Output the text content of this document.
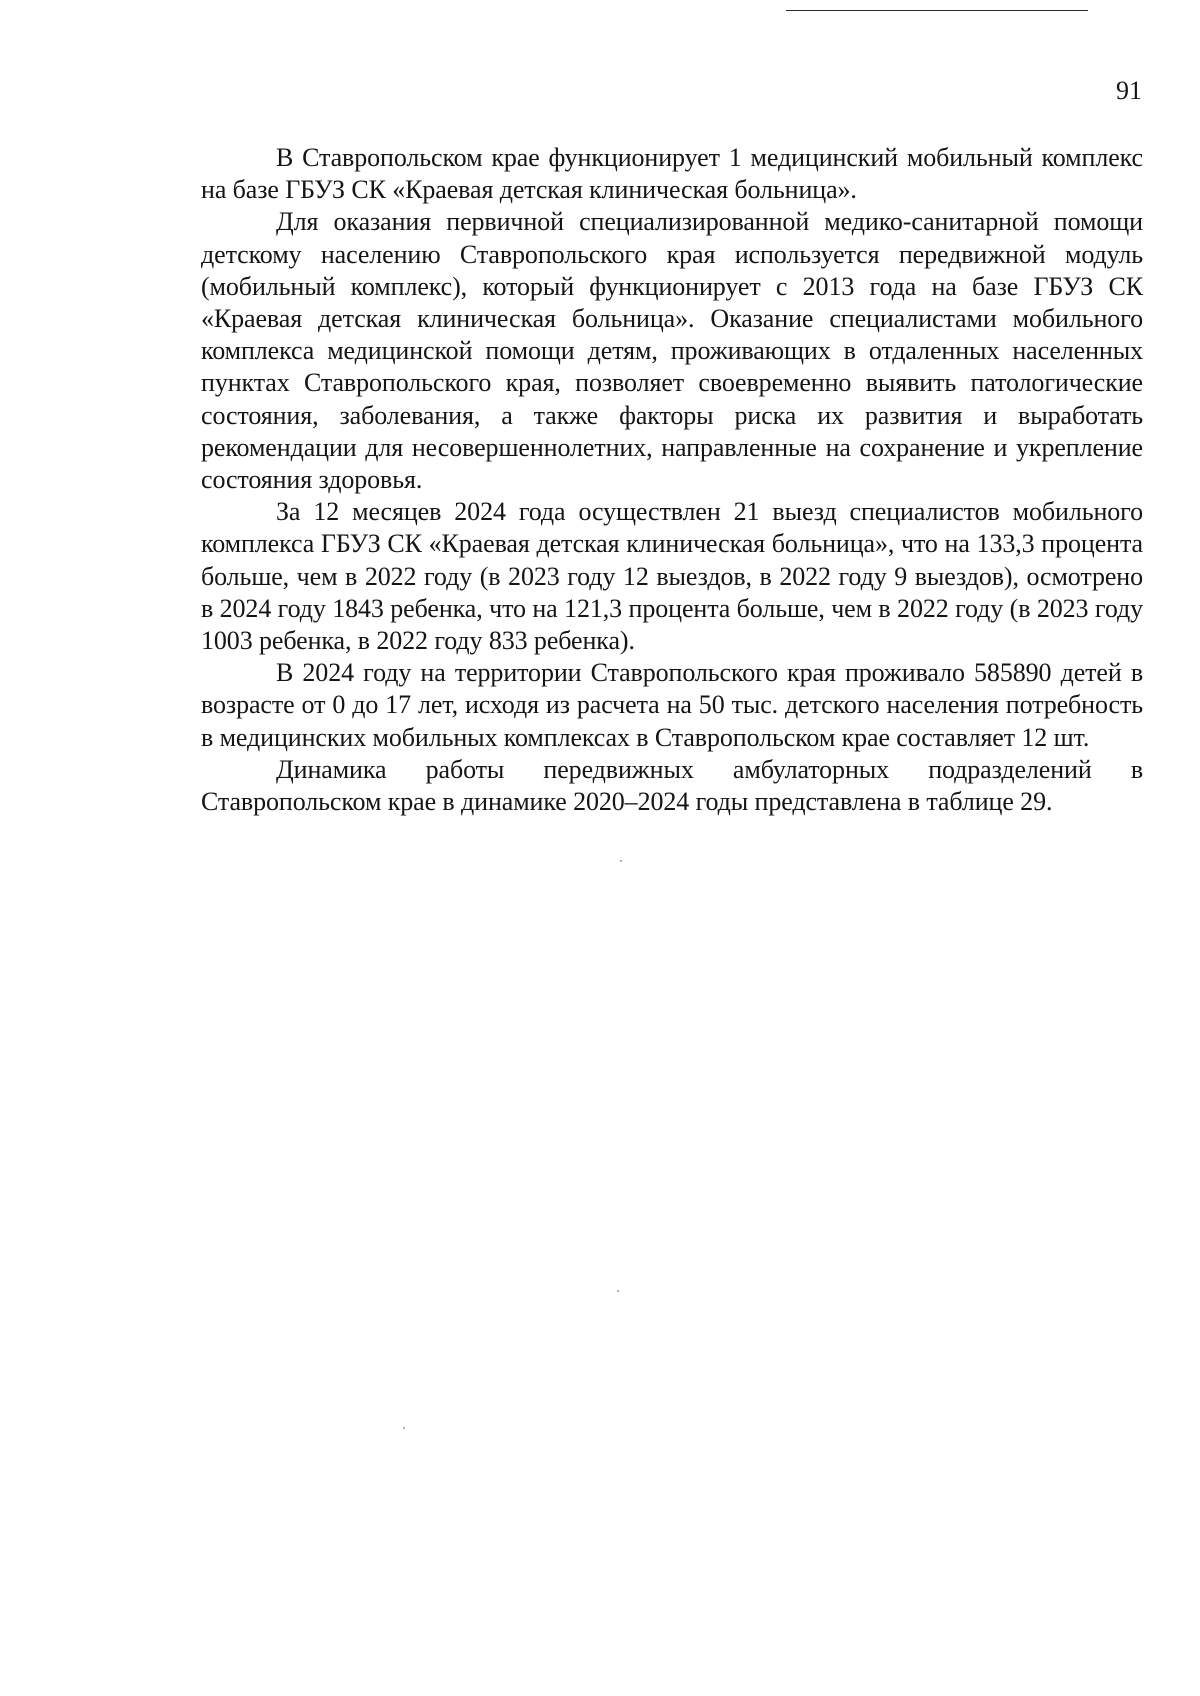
91

В Ставропольском крае функционирует 1 медицинский мобильный комплекс на базе ГБУЗ СК «Краевая детская клиническая больница».

Для оказания первичной специализированной медико-санитарной помощи детскому населению Ставропольского края используется передвижной модуль (мобильный комплекс), который функционирует с 2013 года на базе ГБУЗ СК «Краевая детская клиническая больница». Оказание специалистами мобильного комплекса медицинской помощи детям, проживающих в отдаленных населенных пунктах Ставропольского края, позволяет своевременно выявить патологические состояния, заболевания, а также факторы риска их развития и выработать рекомендации для несовершеннолетних, направленные на сохранение и укрепление состояния здоровья.

За 12 месяцев 2024 года осуществлен 21 выезд специалистов мобильного комплекса ГБУЗ СК «Краевая детская клиническая больница», что на 133,3 процента больше, чем в 2022 году (в 2023 году 12 выездов, в 2022 году 9 выездов), осмотрено в 2024 году 1843 ребенка, что на 121,3 процента больше, чем в 2022 году (в 2023 году 1003 ребенка, в 2022 году 833 ребенка).

В 2024 году на территории Ставропольского края проживало 585890 детей в возрасте от 0 до 17 лет, исходя из расчета на 50 тыс. детского населения потребность в медицинских мобильных комплексах в Ставропольском крае составляет 12 шт.

Динамика работы передвижных амбулаторных подразделений в Ставропольском крае в динамике 2020–2024 годы представлена в таблице 29.
